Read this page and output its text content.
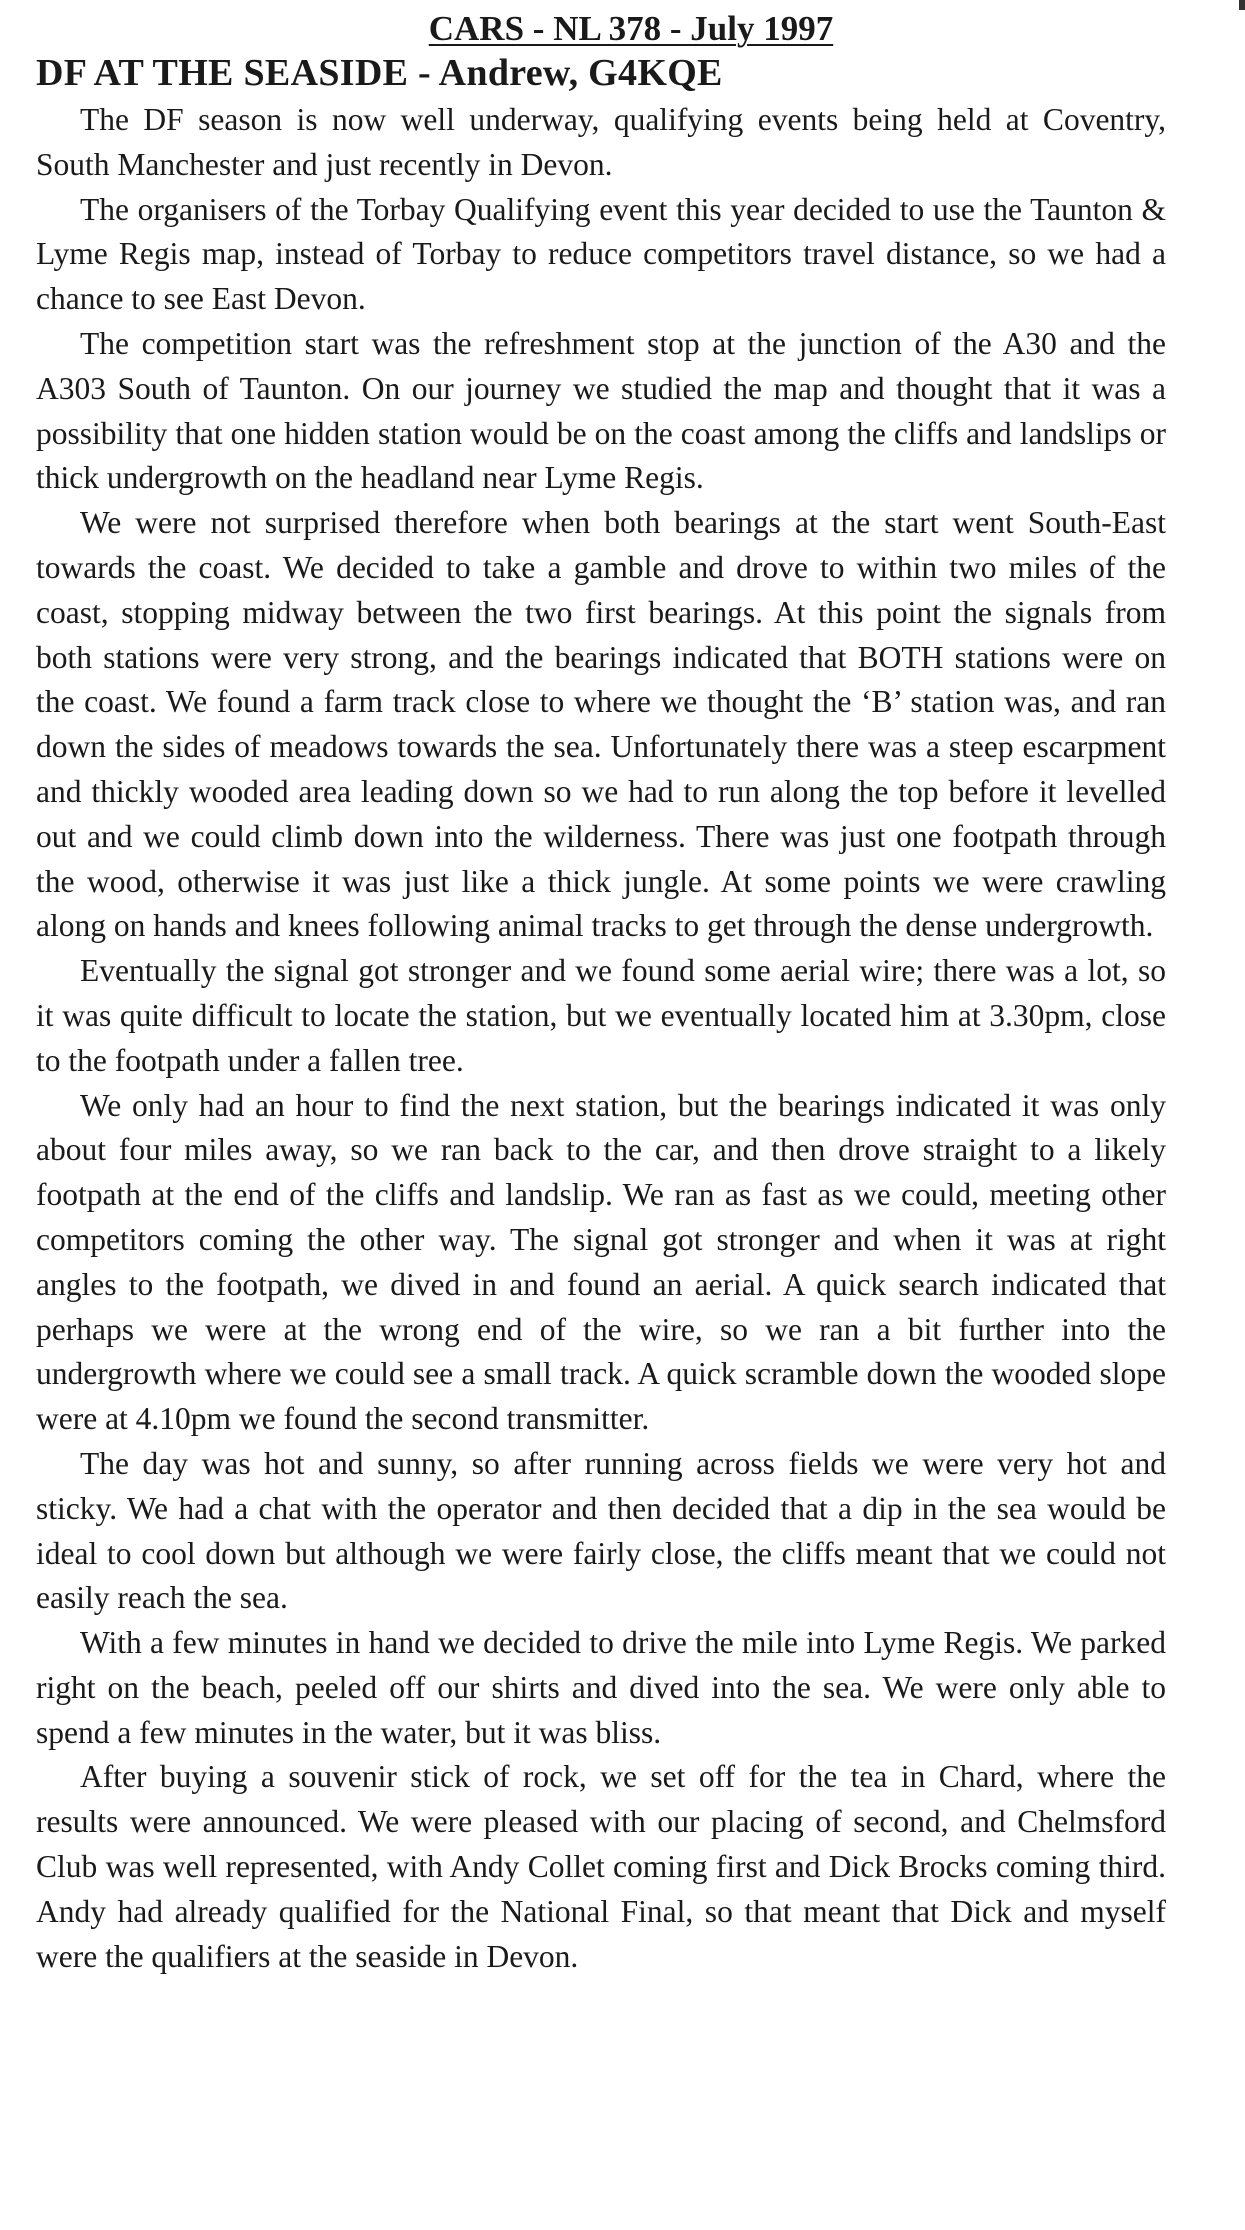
CARS - NL 378 - July 1997
DF AT THE SEASIDE - Andrew, G4KQE

The DF season is now well underway, qualifying events being held at Coventry, South Manchester and just recently in Devon.

The organisers of the Torbay Qualifying event this year decided to use the Taunton & Lyme Regis map, instead of Torbay to reduce competitors travel distance, so we had a chance to see East Devon.

The competition start was the refreshment stop at the junction of the A30 and the A303 South of Taunton. On our journey we studied the map and thought that it was a possibility that one hidden station would be on the coast among the cliffs and landslips or thick undergrowth on the headland near Lyme Regis.

We were not surprised therefore when both bearings at the start went South-East towards the coast. We decided to take a gamble and drove to within two miles of the coast, stopping midway between the two first bearings. At this point the signals from both stations were very strong, and the bearings indicated that BOTH stations were on the coast. We found a farm track close to where we thought the ‘B’ station was, and ran down the sides of meadows towards the sea. Unfortunately there was a steep escarpment and thickly wooded area leading down so we had to run along the top before it levelled out and we could climb down into the wilderness. There was just one footpath through the wood, otherwise it was just like a thick jungle. At some points we were crawling along on hands and knees following animal tracks to get through the dense undergrowth.

Eventually the signal got stronger and we found some aerial wire; there was a lot, so it was quite difficult to locate the station, but we eventually located him at 3.30pm, close to the footpath under a fallen tree.

We only had an hour to find the next station, but the bearings indicated it was only about four miles away, so we ran back to the car, and then drove straight to a likely footpath at the end of the cliffs and landslip. We ran as fast as we could, meeting other competitors coming the other way. The signal got stronger and when it was at right angles to the footpath, we dived in and found an aerial. A quick search indicated that perhaps we were at the wrong end of the wire, so we ran a bit further into the undergrowth where we could see a small track. A quick scramble down the wooded slope were at 4.10pm we found the second transmitter.

The day was hot and sunny, so after running across fields we were very hot and sticky. We had a chat with the operator and then decided that a dip in the sea would be ideal to cool down but although we were fairly close, the cliffs meant that we could not easily reach the sea.

With a few minutes in hand we decided to drive the mile into Lyme Regis. We parked right on the beach, peeled off our shirts and dived into the sea. We were only able to spend a few minutes in the water, but it was bliss.

After buying a souvenir stick of rock, we set off for the tea in Chard, where the results were announced. We were pleased with our placing of second, and Chelmsford Club was well represented, with Andy Collet coming first and Dick Brocks coming third. Andy had already qualified for the National Final, so that meant that Dick and myself were the qualifiers at the seaside in Devon.
